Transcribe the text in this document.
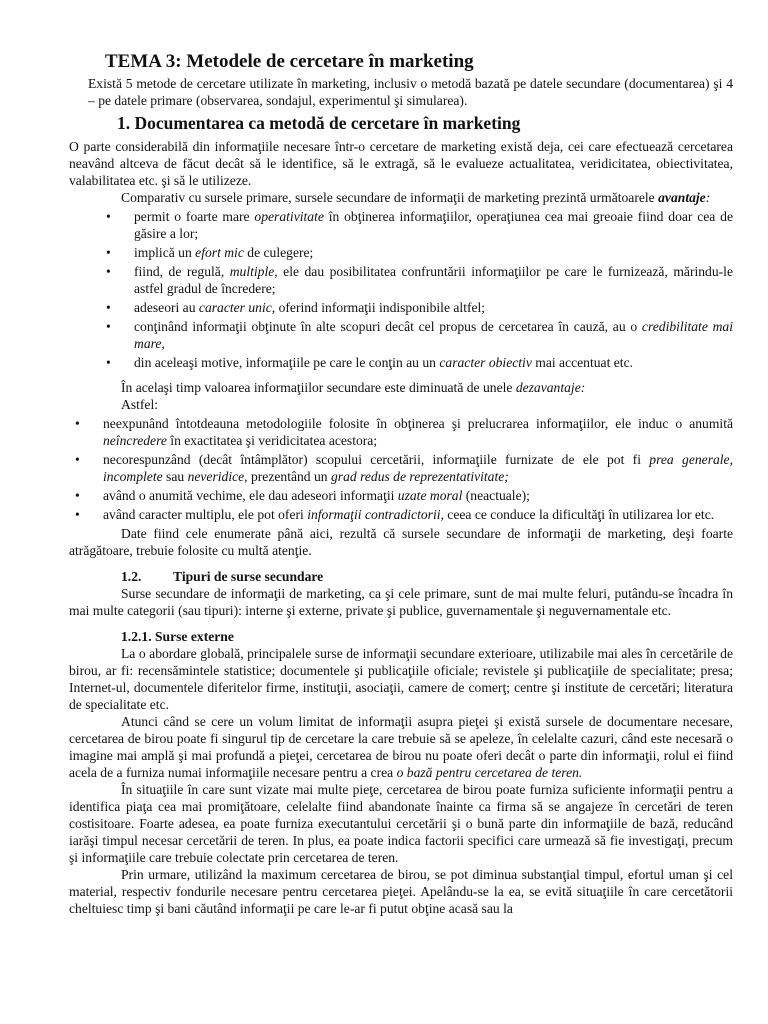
TEMA 3: Metodele de cercetare în marketing

Există 5 metode de cercetare utilizate în marketing, inclusiv o metodă bazată pe datele secundare (documentarea) şi 4 – pe datele primare (observarea, sondajul, experimentul şi simularea).

1. Documentarea ca metodă de cercetare în marketing

O parte considerabilă din informaţiile necesare într-o cercetare de marketing există deja, cei care efectuează cercetarea neavând altceva de făcut decât să le identifice, să le extragă, să le evalueze actualitatea, veridicitatea, obiectivitatea, valabilitatea etc. şi să le utilizeze.

Comparativ cu sursele primare, sursele secundare de informaţii de marketing prezintă următoarele avantaje:

• permit o foarte mare operativitate în obţinerea informaţiilor, operaţiunea cea mai greoaie fiind doar cea de găsire a lor;
• implică un efort mic de culegere;
• fiind, de regulă, multiple, ele dau posibilitatea confruntării informaţiilor pe care le furnizează, mărindu-le astfel gradul de încredere;
• adeseori au caracter unic, oferind informaţii indisponibile altfel;
• conţinând informaţii obţinute în alte scopuri decât cel propus de cercetarea în cauză, au o credibilitate mai mare,
• din aceleaşi motive, informaţiile pe care le conţin au un caracter obiectiv mai accentuat etc.

În acelaşi timp valoarea informaţiilor secundare este diminuată de unele dezavantaje:

Astfel:

• neexpunând întotdeauna metodologiile folosite în obţinerea şi prelucrarea informaţiilor, ele induc o anumită neîncredere în exactitatea şi veridicitatea acestora;
• necorespunzând (decât întâmplător) scopului cercetării, informaţiile furnizate de ele pot fi prea generale, incomplete sau neveridice, prezentând un grad redus de reprezentativitate;
• având o anumită vechime, ele dau adeseori informaţii uzate moral (neactuale);
• având caracter multiplu, ele pot oferi informaţii contradictorii, ceea ce conduce la dificultăţi în utilizarea lor etc.

Date fiind cele enumerate până aici, rezultă că sursele secundare de informaţii de marketing, deşi foarte atrăgătoare, trebuie folosite cu multă atenţie.

1.2. Tipuri de surse secundare

Surse secundare de informaţii de marketing, ca şi cele primare, sunt de mai multe feluri, putându-se încadra în mai multe categorii (sau tipuri): interne şi externe, private şi publice, guvernamentale şi neguvernamentale etc.

1.2.1. Surse externe

La o abordare globală, principalele surse de informaţii secundare exterioare, utilizabile mai ales în cercetările de birou, ar fi: recensămintele statistice; documentele şi publicaţiile oficiale; revistele şi publicaţiile de specialitate; presa; Internet-ul, documentele diferitelor firme, instituţii, asociaţii, camere de comerţ; centre şi institute de cercetări; literatura de specialitate etc.

Atunci când se cere un volum limitat de informaţii asupra pieţei şi există sursele de documentare necesare, cercetarea de birou poate fi singurul tip de cercetare la care trebuie să se apeleze, în celelalte cazuri, când este necesară o imagine mai amplă şi mai profundă a pieţei, cercetarea de birou nu poate oferi decât o parte din informaţii, rolul ei fiind acela de a furniza numai informaţiile necesare pentru a crea o bază pentru cercetarea de teren.

În situaţiile în care sunt vizate mai multe pieţe, cercetarea de birou poate furniza suficiente informaţii pentru a identifica piaţa cea mai promiţătoare, celelalte fiind abandonate înainte ca firma să se angajeze în cercetări de teren costisitoare. Foarte adesea, ea poate furniza executantului cercetării şi o bună parte din informaţiile de bază, reducând iarăşi timpul necesar cercetării de teren. In plus, ea poate indica factorii specifici care urmează să fie investigaţi, precum şi informaţiile care trebuie colectate prin cercetarea de teren.

Prin urmare, utilizând la maximum cercetarea de birou, se pot diminua substanţial timpul, efortul uman şi cel material, respectiv fondurile necesare pentru cercetarea pieţei. Apelându-se la ea, se evită situaţiile în care cercetătorii cheltuiesc timp şi bani căutând informaţii pe care le-ar fi putut obţine acasă sau la
